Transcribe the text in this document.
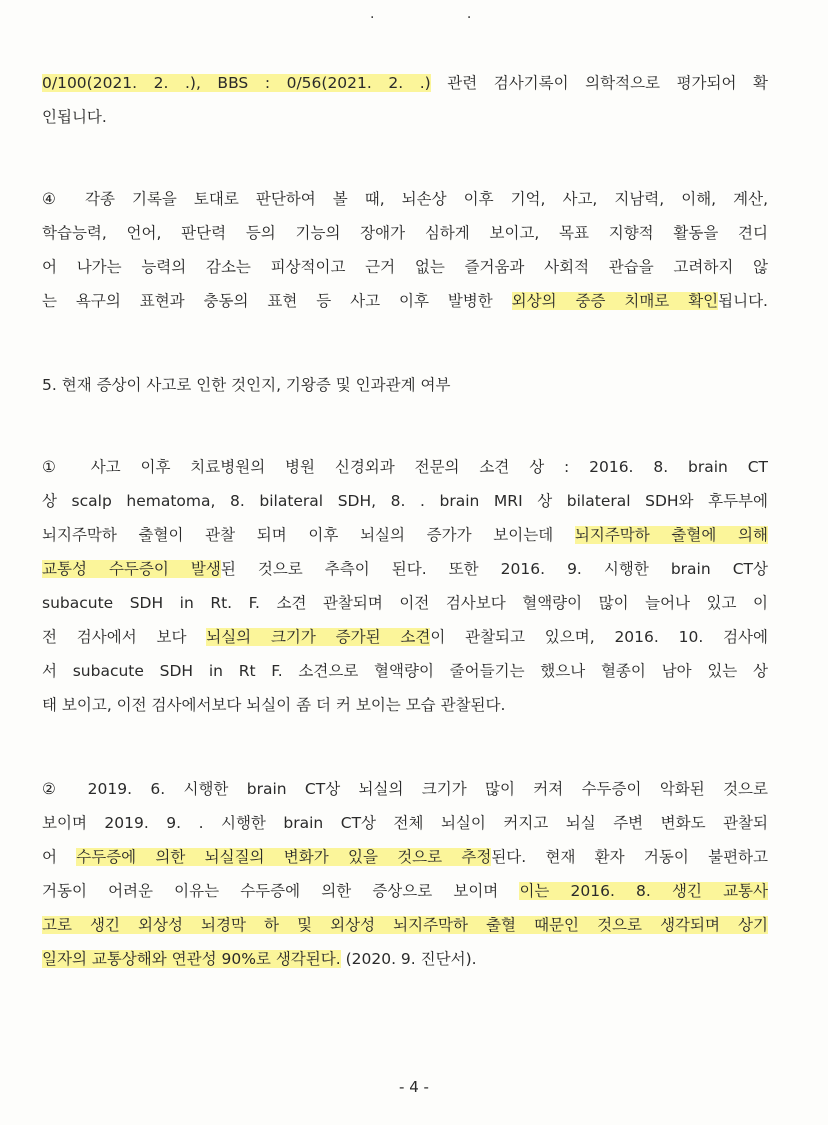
· ·
0/100(2021. 2. .), BBS : 0/56(2021. 2. .) 관련 검사기록이 의학적으로 평가되어 확
인됩니다.
④ 각종 기록을 토대로 판단하여 볼 때, 뇌손상 이후 기억, 사고, 지남력, 이해, 계산,
학습능력, 언어, 판단력 등의 기능의 장애가 심하게 보이고, 목표 지향적 활동을 견디
어 나가는 능력의 감소는 피상적이고 근거 없는 즐거움과 사회적 관습을 고려하지 않
는 욕구의 표현과 충동의 표현 등 사고 이후 발병한 외상의 중증 치매로 확인됩니다.
5. 현재 증상이 사고로 인한 것인지, 기왕증 및 인과관계 여부
① 사고 이후 치료병원의 병원 신경외과 전문의 소견 상 : 2016. 8. brain CT
상 scalp hematoma, 8. bilateral SDH, 8. . brain MRI 상 bilateral SDH와 후두부에
뇌지주막하 출혈이 관찰 되며 이후 뇌실의 증가가 보이는데 뇌지주막하 출혈에 의해
교통성 수두증이 발생된 것으로 추측이 된다. 또한 2016. 9. 시행한 brain CT상
subacute SDH in Rt. F. 소견 관찰되며 이전 검사보다 혈액량이 많이 늘어나 있고 이
전 검사에서 보다 뇌실의 크기가 증가된 소견이 관찰되고 있으며, 2016. 10. 검사에
서 subacute SDH in Rt F. 소견으로 혈액량이 줄어들기는 했으나 혈종이 남아 있는 상
태 보이고, 이전 검사에서보다 뇌실이 좀 더 커 보이는 모습 관찰된다.
② 2019. 6. 시행한 brain CT상 뇌실의 크기가 많이 커져 수두증이 악화된 것으로
보이며 2019. 9. . 시행한 brain CT상 전체 뇌실이 커지고 뇌실 주변 변화도 관찰되
어 수두증에 의한 뇌실질의 변화가 있을 것으로 추정된다. 현재 환자 거동이 불편하고
거동이 어려운 이유는 수두증에 의한 증상으로 보이며 이는 2016. 8. 생긴 교통사
고로 생긴 외상성 뇌경막 하 및 외상성 뇌지주막하 출혈 때문인 것으로 생각되며 상기
일자의 교통상해와 연관성 90%로 생각된다. (2020. 9. 진단서).
- 4 -
